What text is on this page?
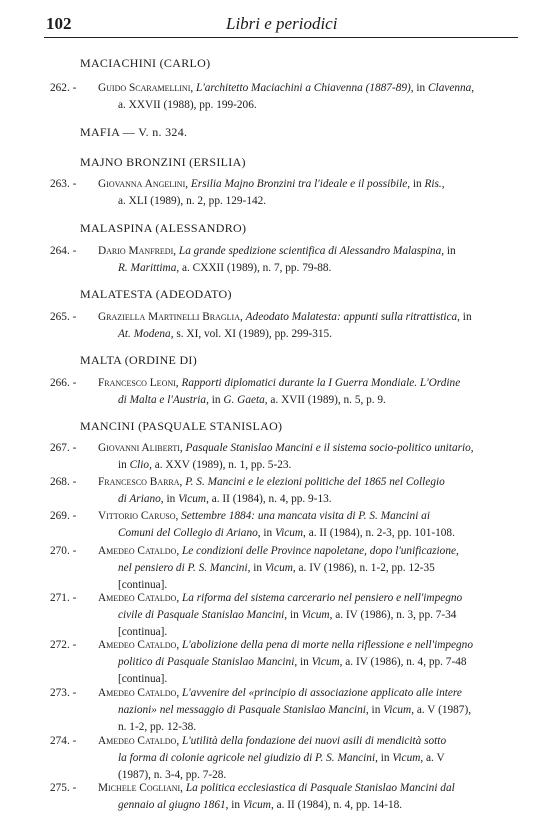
102	Libri e periodici
MACIACHINI (CARLO)
MAFIA — V. n. 324.
MAJNO BRONZINI (ERSILIA)
MALASPINA (ALESSANDRO)
MALATESTA (ADEODATO)
MALTA (ORDINE DI)
MANCINI (PASQUALE STANISLAO)
262. -	Guido Scaramellini, L'architetto Maciachini a Chiavenna (1887-89), in Clavenna,
a. XXVII (1988), pp. 199-206.
263. -	Giovanna Angelini, Ersilia Majno Bronzini tra l'ideale e il possibile, in Ris.,
a. XLI (1989), n. 2, pp. 129-142.
264. -	Dario Manfredi, La grande spedizione scientifica di Alessandro Malaspina, in
R. Marittima, a. CXXII (1989), n. 7, pp. 79-88.
265. -	Graziella Martinelli Braglia, Adeodato Malatesta: appunti sulla ritrattistica, in
At. Modena, s. XI, vol. XI (1989), pp. 299-315.
266. -	Francesco Leoni, Rapporti diplomatici durante la I Guerra Mondiale. L'Ordine
di Malta e l'Austria, in G. Gaeta, a. XVII (1989), n. 5, p. 9.
267. -	Giovanni Aliberti, Pasquale Stanislao Mancini e il sistema socio-politico unitario,
in Clio, a. XXV (1989), n. 1, pp. 5-23.
268. -	Francesco Barra, P. S. Mancini e le elezioni politiche del 1865 nel Collegio
di Ariano, in Vicum, a. II (1984), n. 4, pp. 9-13.
269. -	Vittorio Caruso, Settembre 1884: una mancata visita di P. S. Mancini ai
Comuni del Collegio di Ariano, in Vicum, a. II (1984), n. 2-3, pp. 101-108.
270. -	Amedeo Cataldo, Le condizioni delle Province napoletane, dopo l'unificazione,
nel pensiero di P. S. Mancini, in Vicum, a. IV (1986), n. 1-2, pp. 12-35
[continua].
271. -	Amedeo Cataldo, La riforma del sistema carcerario nel pensiero e nell'impegno
civile di Pasquale Stanislao Mancini, in Vicum, a. IV (1986), n. 3, pp. 7-34
[continua].
272. -	Amedeo Cataldo, L'abolizione della pena di morte nella riflessione e nell'impegno
politico di Pasquale Stanislao Mancini, in Vicum, a. IV (1986), n. 4, pp. 7-48
[continua].
273. -	Amedeo Cataldo, L'avvenire del «principio di associazione applicato alle intere
nazioni» nel messaggio di Pasquale Stanislao Mancini, in Vicum, a. V (1987),
n. 1-2, pp. 12-38.
274. -	Amedeo Cataldo, L'utilità della fondazione dei nuovi asili di mendicità sotto
la forma di colonie agricole nel giudizio di P. S. Mancini, in Vicum, a. V
(1987), n. 3-4, pp. 7-28.
275. -	Michele Cogliani, La politica ecclesiastica di Pasquale Stanislao Mancini dal
gennaio al giugno 1861, in Vicum, a. II (1984), n. 4, pp. 14-18.
